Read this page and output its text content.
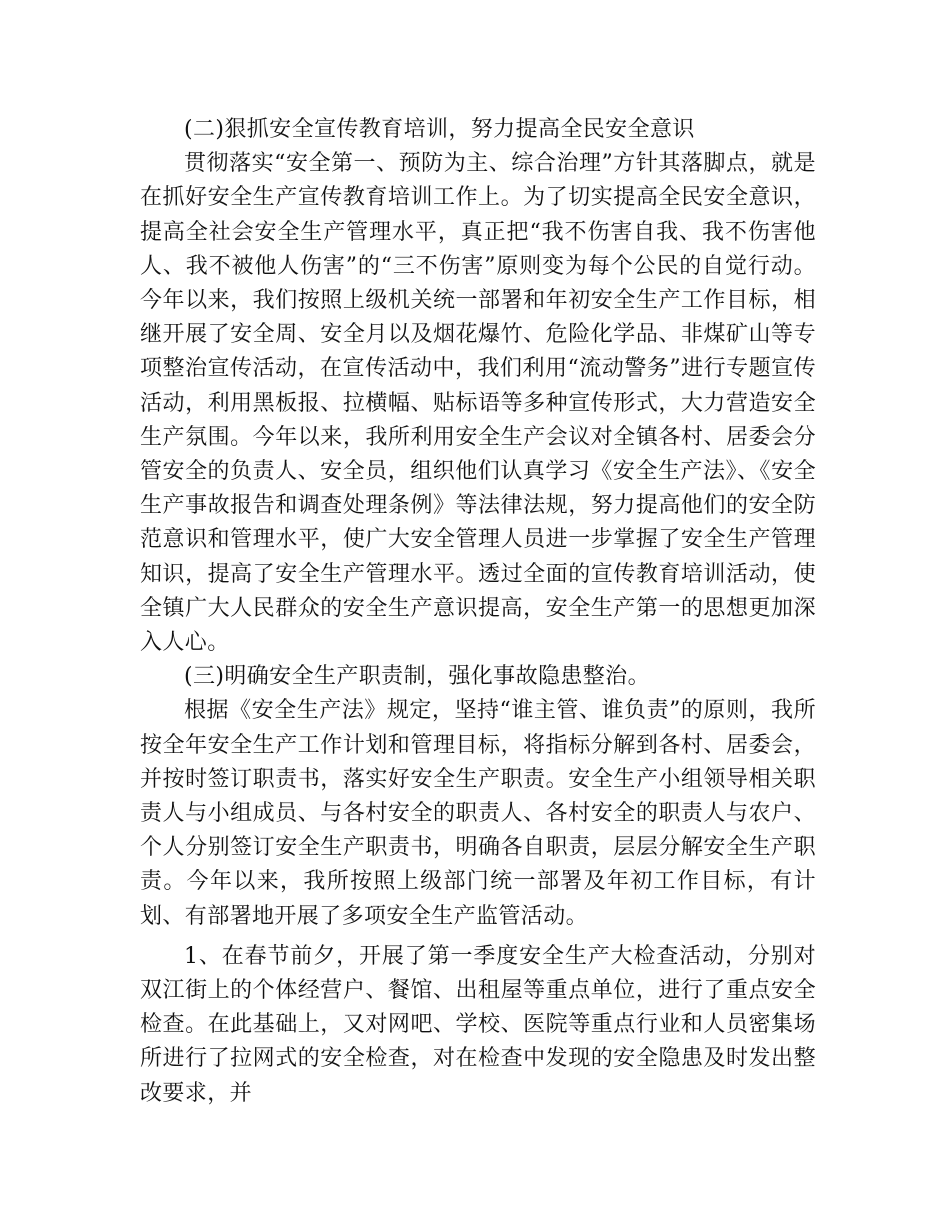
(二)狠抓安全宣传教育培训，努力提高全民安全意识

贯彻落实“安全第一、预防为主、综合治理”方针其落脚点，就是在抓好安全生产宣传教育培训工作上。为了切实提高全民安全意识，提高全社会安全生产管理水平，真正把“我不伤害自我、我不伤害他人、我不被他人伤害”的“三不伤害”原则变为每个公民的自觉行动。今年以来，我们按照上级机关统一部署和年初安全生产工作目标，相继开展了安全周、安全月以及烟花爆竹、危险化学品、非煤矿山等专项整治宣传活动，在宣传活动中，我们利用“流动警务”进行专题宣传活动，利用黑板报、拉横幅、贴标语等多种宣传形式，大力营造安全生产氛围。今年以来，我所利用安全生产会议对全镇各村、居委会分管安全的负责人、安全员，组织他们认真学习《安全生产法》、《安全生产事故报告和调查处理条例》等法律法规，努力提高他们的安全防范意识和管理水平，使广大安全管理人员进一步掌握了安全生产管理知识，提高了安全生产管理水平。透过全面的宣传教育培训活动，使全镇广大人民群众的安全生产意识提高，安全生产第一的思想更加深入人心。

(三)明确安全生产职责制，强化事故隐患整治。

根据《安全生产法》规定，坚持“谁主管、谁负责”的原则，我所按全年安全生产工作计划和管理目标，将指标分解到各村、居委会，并按时签订职责书，落实好安全生产职责。安全生产小组领导相关职责人与小组成员、与各村安全的职责人、各村安全的职责人与农户、个人分别签订安全生产职责书，明确各自职责，层层分解安全生产职责。今年以来，我所按照上级部门统一部署及年初工作目标，有计划、有部署地开展了多项安全生产监管活动。

1、在春节前夕，开展了第一季度安全生产大检查活动，分别对双江街上的个体经营户、餐馆、出租屋等重点单位，进行了重点安全检查。在此基础上，又对网吧、学校、医院等重点行业和人员密集场所进行了拉网式的安全检查，对在检查中发现的安全隐患及时发出整改要求，并
